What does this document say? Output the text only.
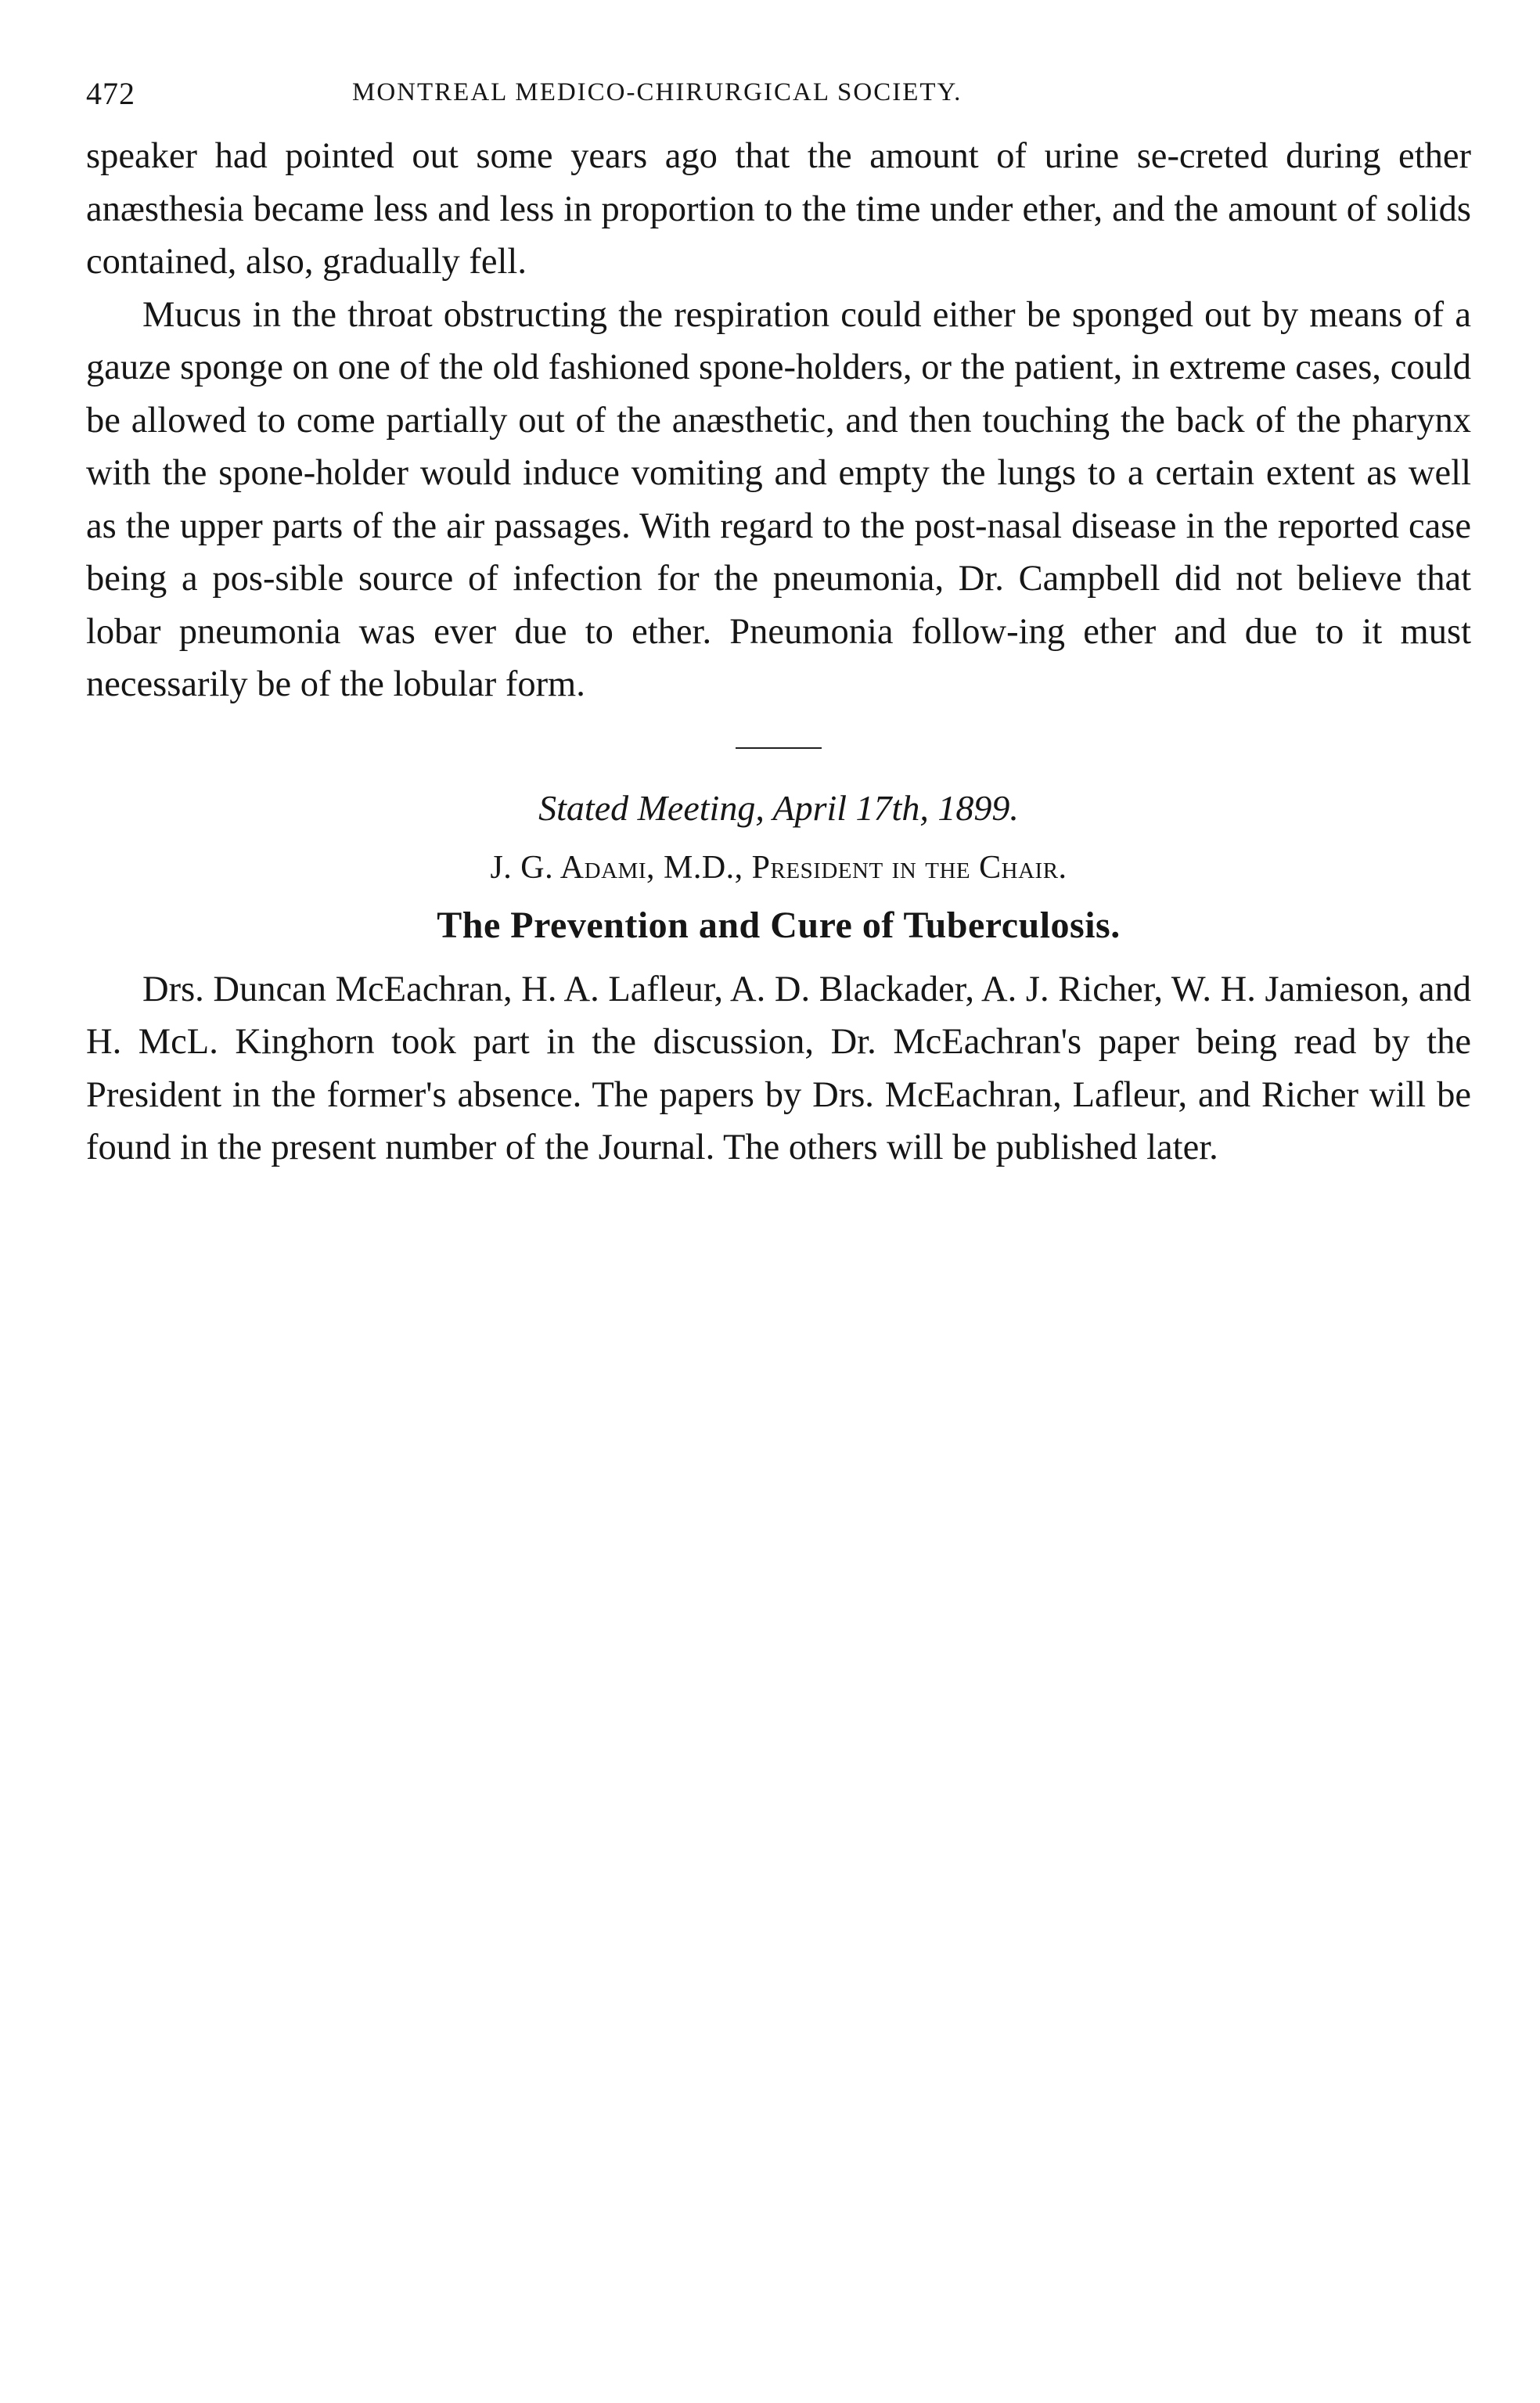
472	MONTREAL MEDICO-CHIRURGICAL SOCIETY.

speaker had pointed out some years ago that the amount of urine se-creted during ether anæsthesia became less and less in proportion to the time under ether, and the amount of solids contained, also, gradually fell.

Mucus in the throat obstructing the respiration could either be sponged out by means of a gauze sponge on one of the old fashioned spone-holders, or the patient, in extreme cases, could be allowed to come partially out of the anæsthetic, and then touching the back of the pharynx with the spone-holder would induce vomiting and empty the lungs to a certain extent as well as the upper parts of the air passages. With regard to the post-nasal disease in the reported case being a pos-sible source of infection for the pneumonia, Dr. Campbell did not believe that lobar pneumonia was ever due to ether. Pneumonia follow-ing ether and due to it must necessarily be of the lobular form.

Stated Meeting, April 17th, 1899.

J. G. Adami, M.D., President in the Chair.

The Prevention and Cure of Tuberculosis.

Drs. Duncan McEachran, H. A. Lafleur, A. D. Blackader, A. J. Richer, W. H. Jamieson, and H. McL. Kinghorn took part in the discussion, Dr. McEachran's paper being read by the President in the former's absence. The papers by Drs. McEachran, Lafleur, and Richer will be found in the present number of the Journal. The others will be published later.
